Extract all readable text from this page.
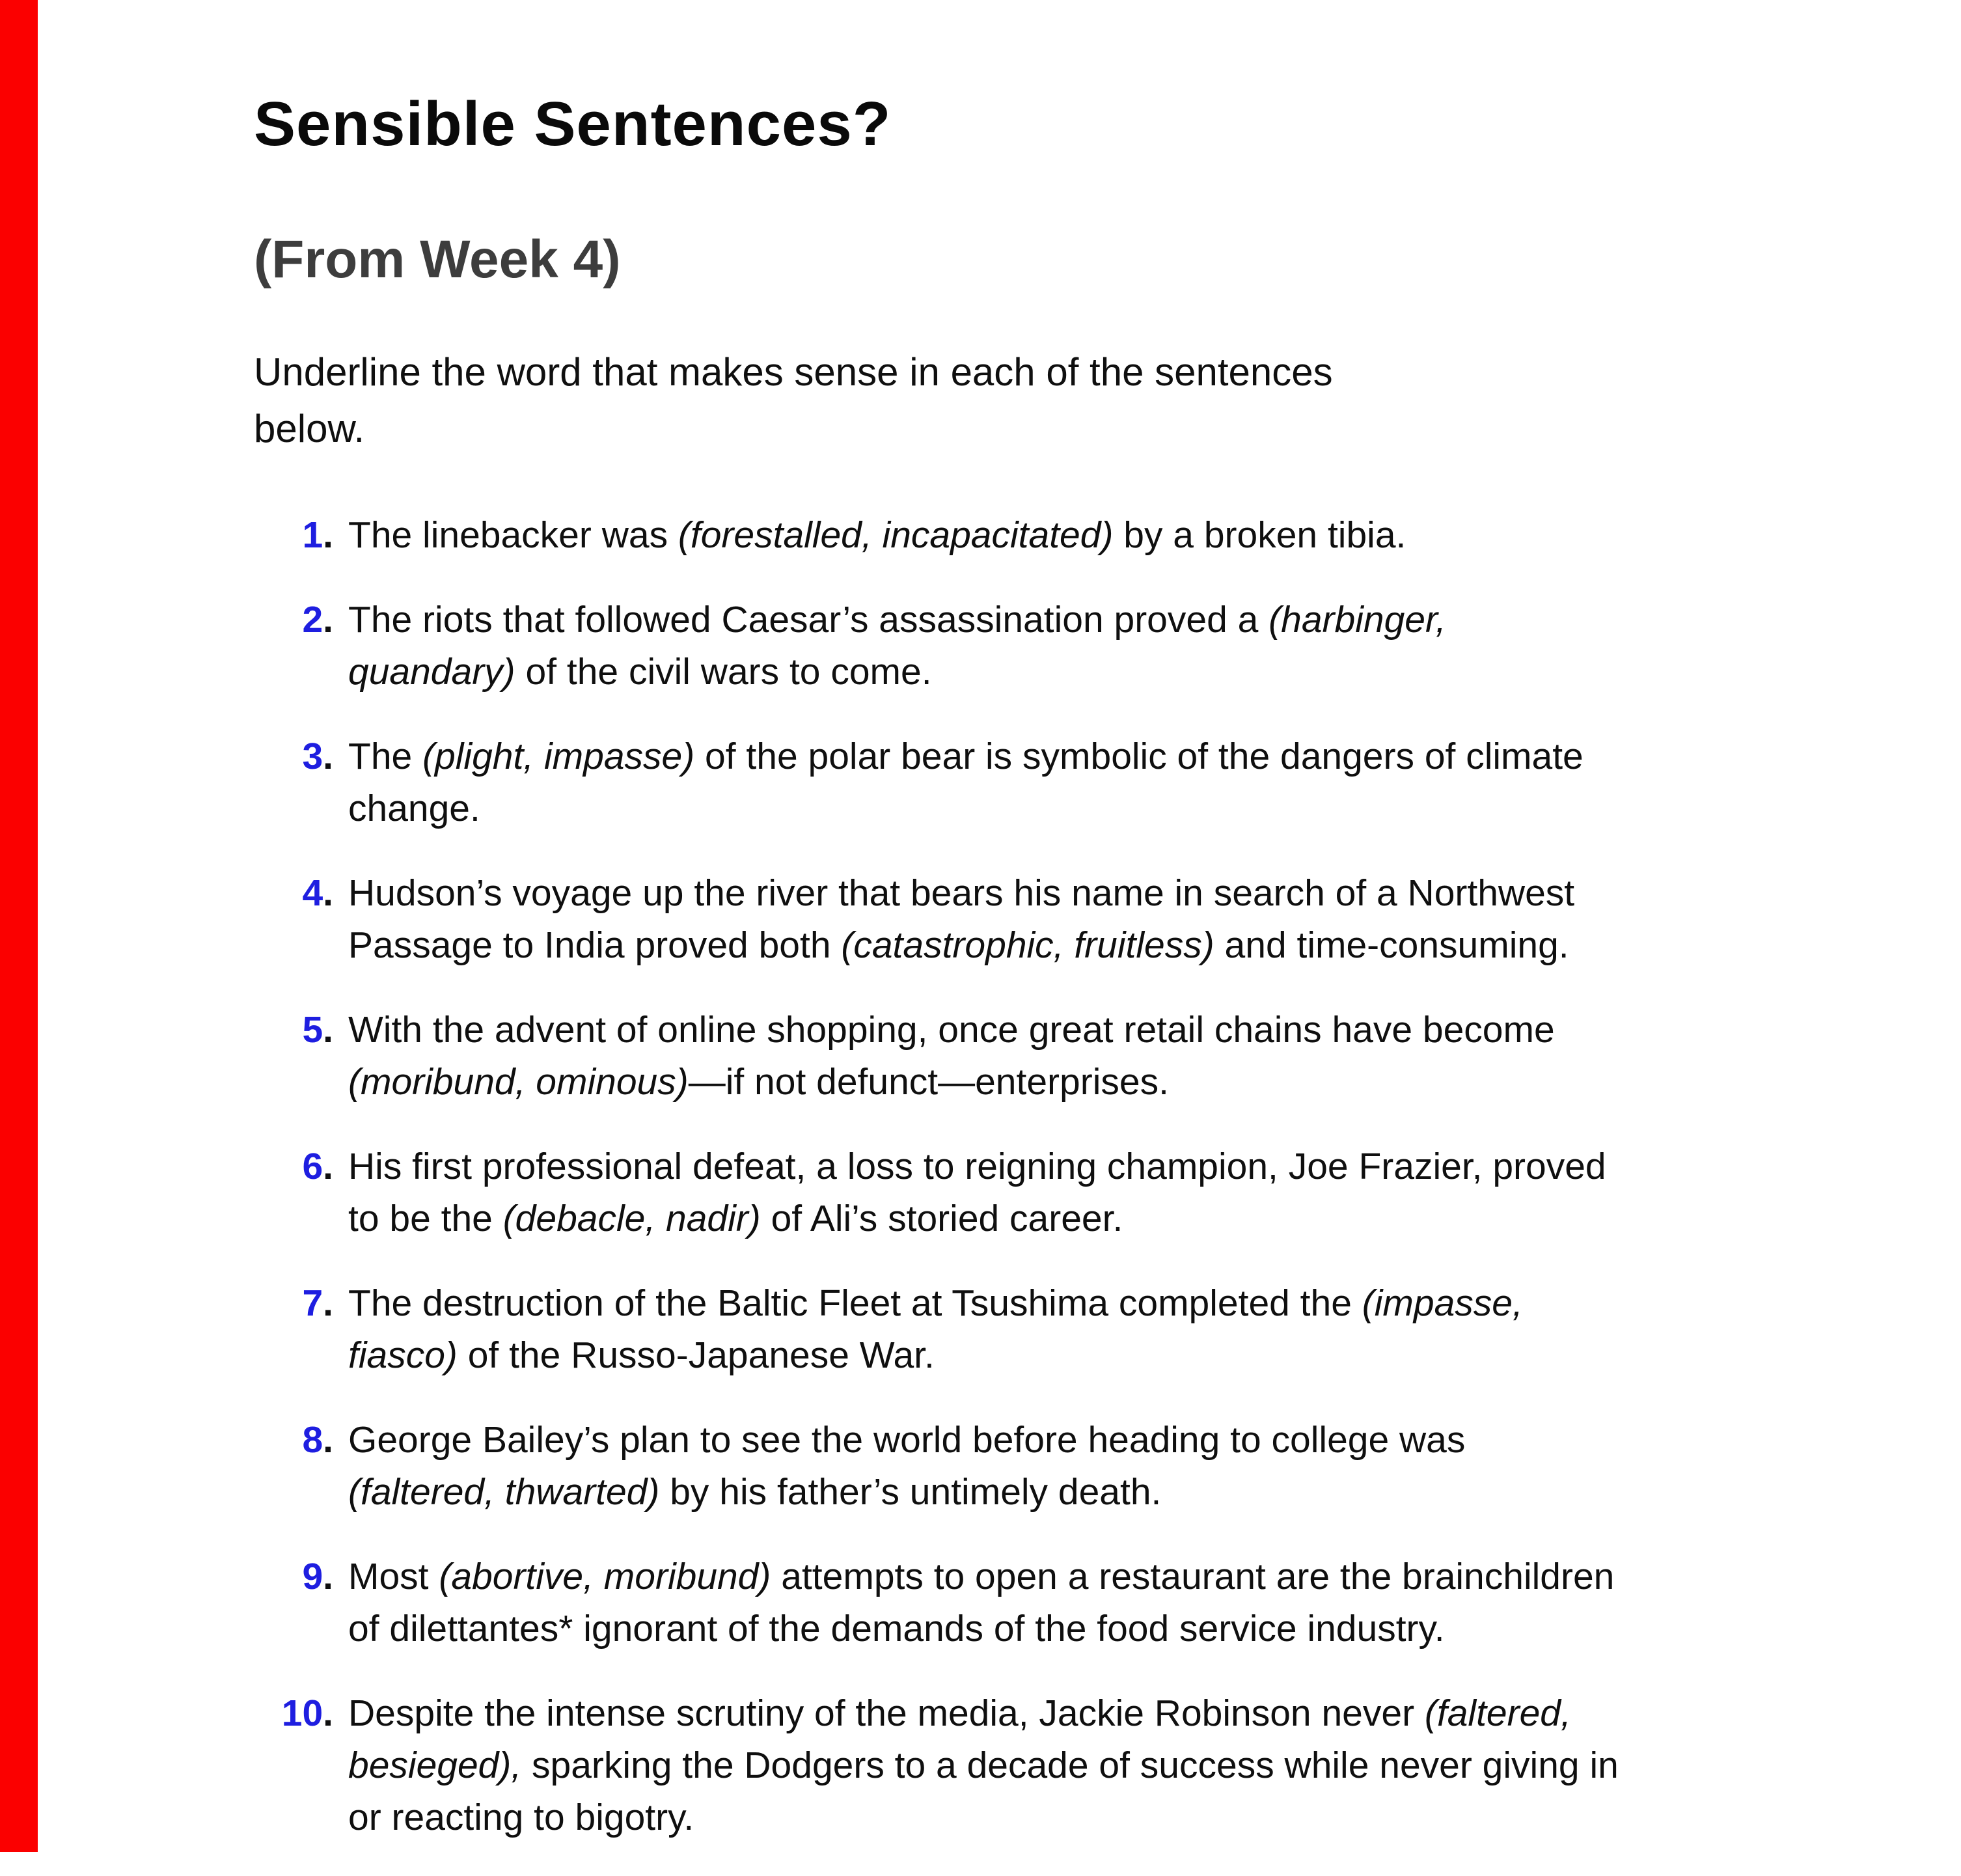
Sensible Sentences?
(From Week 4)

Underline the word that makes sense in each of the sentences
below.

1. The linebacker was (forestalled, incapacitated) by a broken tibia.
2. The riots that followed Caesar’s assassination proved a (harbinger,
quandary) of the civil wars to come.
3. The (plight, impasse) of the polar bear is symbolic of the dangers of climate
change.
4. Hudson’s voyage up the river that bears his name in search of a Northwest
Passage to India proved both (catastrophic, fruitless) and time-consuming.
5. With the advent of online shopping, once great retail chains have become
(moribund, ominous)—if not defunct—enterprises.
6. His first professional defeat, a loss to reigning champion, Joe Frazier, proved
to be the (debacle, nadir) of Ali’s storied career.
7. The destruction of the Baltic Fleet at Tsushima completed the (impasse,
fiasco) of the Russo-Japanese War.
8. George Bailey’s plan to see the world before heading to college was
(faltered, thwarted) by his father’s untimely death.
9. Most (abortive, moribund) attempts to open a restaurant are the brainchildren
of dilettantes* ignorant of the demands of the food service industry.
10. Despite the intense scrutiny of the media, Jackie Robinson never (faltered,
besieged), sparking the Dodgers to a decade of success while never giving in
or reacting to bigotry.
